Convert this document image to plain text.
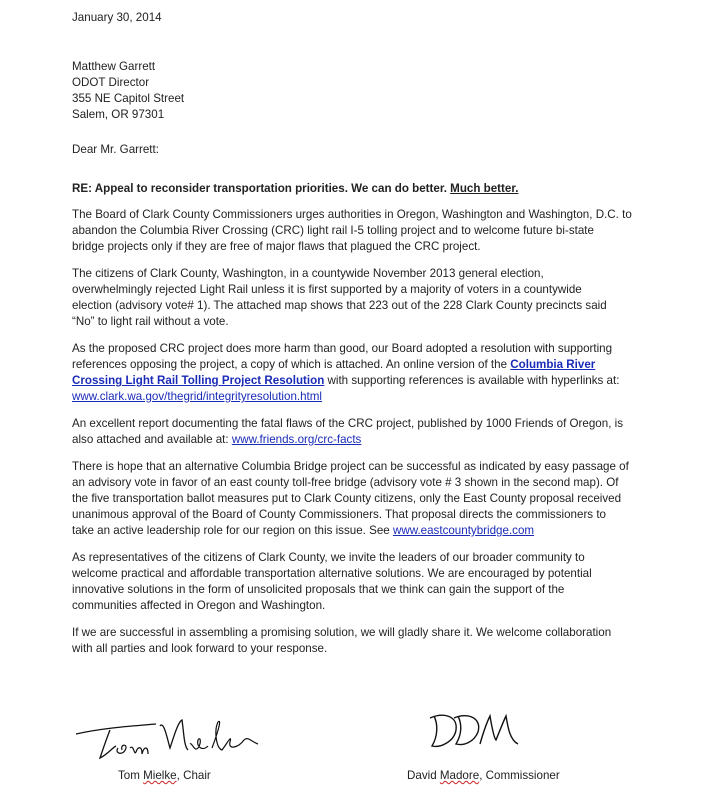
January 30, 2014
Matthew Garrett
ODOT Director
355 NE Capitol Street
Salem, OR 97301
Dear Mr. Garrett:
RE: Appeal to reconsider transportation priorities. We can do better. Much better.
The Board of Clark County Commissioners urges authorities in Oregon, Washington and Washington, D.C. to
abandon the Columbia River Crossing (CRC) light rail I-5 tolling project and to welcome future bi-state
bridge projects only if they are free of major flaws that plagued the CRC project.
The citizens of Clark County, Washington, in a countywide November 2013 general election,
overwhelmingly rejected Light Rail unless it is first supported by a majority of voters in a countywide
election (advisory vote# 1). The attached map shows that 223 out of the 228 Clark County precincts said
“No” to light rail without a vote.
As the proposed CRC project does more harm than good, our Board adopted a resolution with supporting
references opposing the project, a copy of which is attached. An online version of the Columbia River
Crossing Light Rail Tolling Project Resolution with supporting references is available with hyperlinks at:
www.clark.wa.gov/thegrid/integrityresolution.html
An excellent report documenting the fatal flaws of the CRC project, published by 1000 Friends of Oregon, is
also attached and available at: www.friends.org/crc-facts
There is hope that an alternative Columbia Bridge project can be successful as indicated by easy passage of
an advisory vote in favor of an east county toll-free bridge (advisory vote # 3 shown in the second map). Of
the five transportation ballot measures put to Clark County citizens, only the East County proposal received
unanimous approval of the Board of County Commissioners. That proposal directs the commissioners to
take an active leadership role for our region on this issue. See www.eastcountybridge.com
As representatives of the citizens of Clark County, we invite the leaders of our broader community to
welcome practical and affordable transportation alternative solutions. We are encouraged by potential
innovative solutions in the form of unsolicited proposals that we think can gain the support of the
communities affected in Oregon and Washington.
If we are successful in assembling a promising solution, we will gladly share it. We welcome collaboration
with all parties and look forward to your response.
Tom Mielke, Chair	David Madore, Commissioner
